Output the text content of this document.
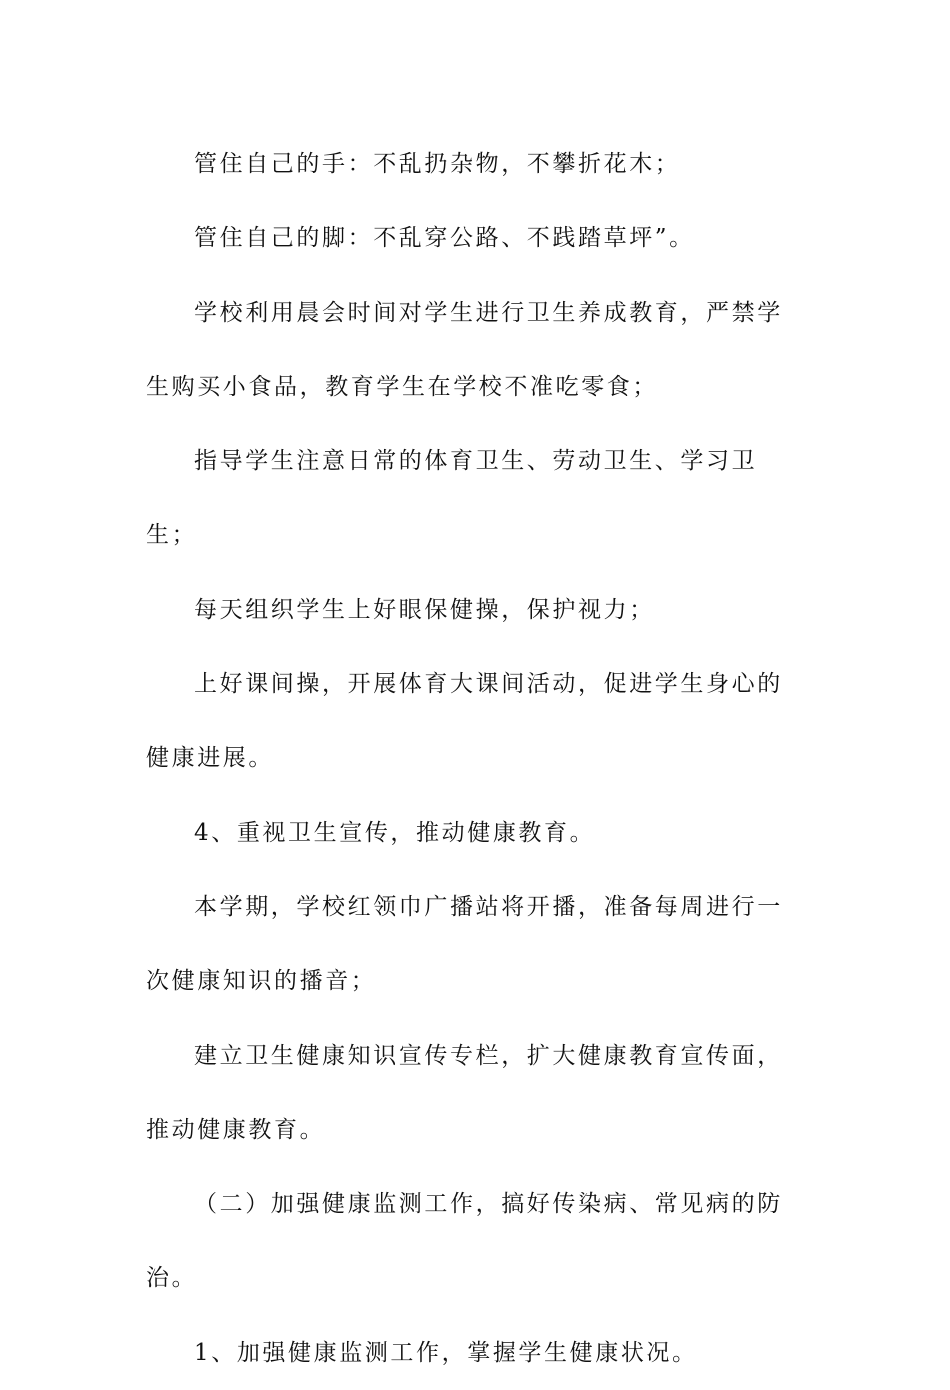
管住自己的手：不乱扔杂物，不攀折花木；

管住自己的脚：不乱穿公路、不践踏草坪”。

学校利用晨会时间对学生进行卫生养成教育，严禁学生购买小食品，教育学生在学校不准吃零食；

指导学生注意日常的体育卫生、劳动卫生、学习卫生；

每天组织学生上好眼保健操，保护视力；

上好课间操，开展体育大课间活动，促进学生身心的健康进展。

4、重视卫生宣传，推动健康教育。

本学期，学校红领巾广播站将开播，准备每周进行一次健康知识的播音；

建立卫生健康知识宣传专栏，扩大健康教育宣传面，推动健康教育。

（二）加强健康监测工作，搞好传染病、常见病的防治。

1、加强健康监测工作，掌握学生健康状况。
